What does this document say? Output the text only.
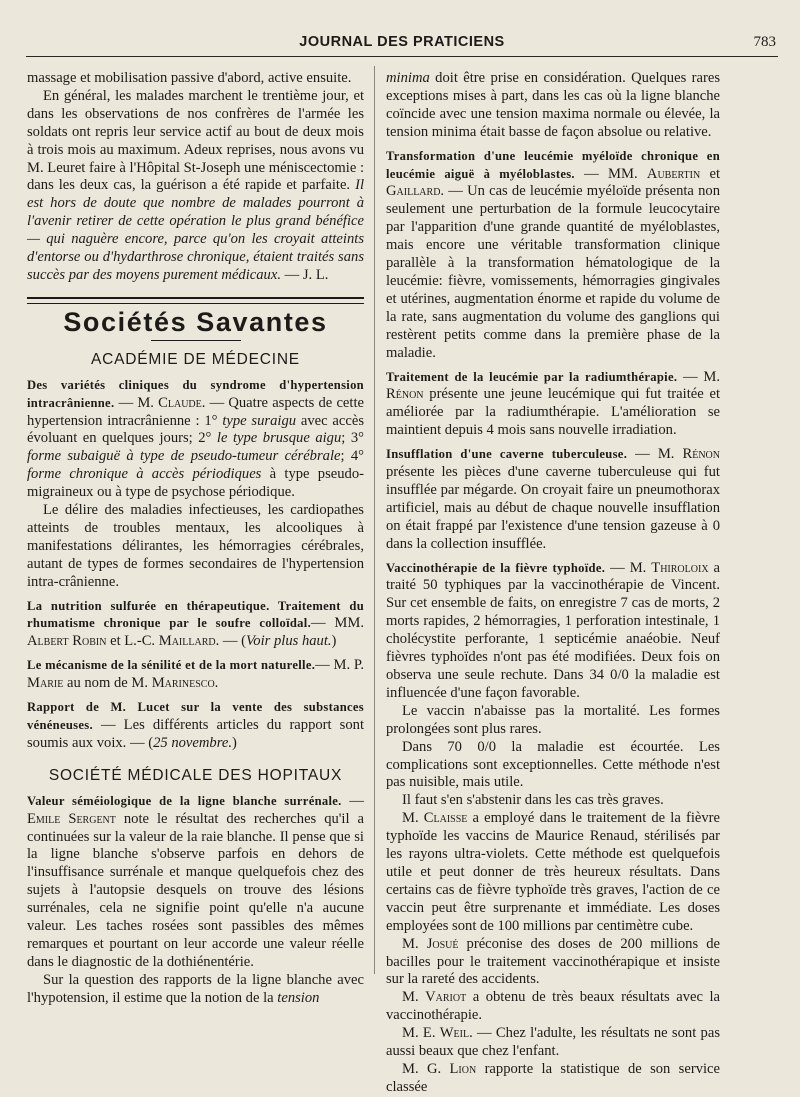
JOURNAL DES PRATICIENS	783

massage et mobilisation passive d'abord, active ensuite.

En général, les malades marchent le trentième jour, et dans les observations de nos confrères de l'armée les soldats ont repris leur service actif au bout de deux mois à trois mois au maximum. Adeux reprises, nous avons vu M. Leuret faire à l'Hôpital St-Joseph une méniscectomie : dans les deux cas, la guérison a été rapide et parfaite. Il est hors de doute que nombre de malades pourront à l'avenir retirer de cette opération le plus grand bénéfice — qui naguère encore, parce qu'on les croyait atteints d'entorse ou d'hydarthrose chronique, étaient traités sans succès par des moyens purement médicaux. — J. L.

Sociétés Savantes
ACADÉMIE DE MÉDECINE

Des variétés cliniques du syndrome d'hypertension intracrânienne. — M. Claude. — Quatre aspects de cette hypertension intracrânienne : 1° type suraigu avec accès évoluant en quelques jours; 2° le type brusque aigu; 3° forme subaiguë à type de pseudo-tumeur cérébrale; 4° forme chronique à accès périodiques à type pseudo-migraineux ou à type de psychose périodique.

Le délire des maladies infectieuses, les cardiopathes atteints de troubles mentaux, les alcooliques à manifestations délirantes, les hémorragies cérébrales, autant de types de formes secondaires de l'hypertension intra-crânienne.

La nutrition sulfurée en thérapeutique. Traitement du rhumatisme chronique par le soufre colloïdal.— MM. Albert Robin et L.-C. Maillard. — (Voir plus haut.)

Le mécanisme de la sénilité et de la mort naturelle.— M. P. Marie au nom de M. Marinesco.

Rapport de M. Lucet sur la vente des substances vénéneuses. — Les différents articles du rapport sont soumis aux voix. — (25 novembre.)

SOCIÉTÉ MÉDICALE DES HOPITAUX

Valeur séméiologique de la ligne blanche surrénale. — Emile Sergent note le résultat des recherches qu'il a continuées sur la valeur de la raie blanche. Il pense que si la ligne blanche s'observe parfois en dehors de l'insuffisance surrénale et manque quelquefois chez des sujets à l'autopsie desquels on trouve des lésions surrénales, cela ne signifie point qu'elle n'a aucune valeur. Les taches rosées sont passibles des mêmes remarques et pourtant on leur accorde une valeur réelle dans le diagnostic de la dothiénentérie.

Sur la question des rapports de la ligne blanche avec l'hypotension, il estime que la notion de la tension

minima doit être prise en considération. Quelques rares exceptions mises à part, dans les cas où la ligne blanche coïncide avec une tension maxima normale ou élevée, la tension minima était basse de façon absolue ou relative.

Transformation d'une leucémie myéloïde chronique en leucémie aiguë à myéloblastes. — MM. Aubertin et Gaillard. — Un cas de leucémie myéloïde présenta non seulement une perturbation de la formule leucocytaire par l'apparition d'une grande quantité de myéloblastes, mais encore une véritable transformation clinique parallèle à la transformation hématologique de la leucémie: fièvre, vomissements, hémorragies gingivales et utérines, augmentation énorme et rapide du volume de la rate, sans augmentation du volume des ganglions qui restèrent petits comme dans la première phase de la maladie.

Traitement de la leucémie par la radiumthérapie. — M. Rénon présente une jeune leucémique qui fut traitée et améliorée par la radiumthérapie. L'amélioration se maintient depuis 4 mois sans nouvelle irradiation.

Insufflation d'une caverne tuberculeuse. — M. Rénon présente les pièces d'une caverne tuberculeuse qui fut insufflée par mégarde. On croyait faire un pneumothorax artificiel, mais au début de chaque nouvelle insufflation on était frappé par l'existence d'une tension gazeuse à 0 dans la collection insufflée.

Vaccinothérapie de la fièvre typhoïde. — M. Thiroloix a traité 50 typhiques par la vaccinothérapie de Vincent. Sur cet ensemble de faits, on enregistre 7 cas de morts, 2 morts rapides, 2 hémorragies, 1 perforation intestinale, 1 cholécystite perforante, 1 septicémie anaéobie. Neuf fièvres typhoïdes n'ont pas été modifiées. Deux fois on observa une seule rechute. Dans 34 0/0 la maladie est influencée d'une façon favorable.

Le vaccin n'abaisse pas la mortalité. Les formes prolongées sont plus rares.

Dans 70 0/0 la maladie est écourtée. Les complications sont exceptionnelles. Cette méthode n'est pas nuisible, mais utile.

Il faut s'en s'abstenir dans les cas très graves.

M. Claisse a employé dans le traitement de la fièvre typhoïde les vaccins de Maurice Renaud, stérilisés par les rayons ultra-violets. Cette méthode est quelquefois utile et peut donner de très heureux résultats. Dans certains cas de fièvre typhoïde très graves, l'action de ce vaccin peut être surprenante et immédiate. Les doses employées sont de 100 millions par centimètre cube.

M. Josué préconise des doses de 200 millions de bacilles pour le traitement vaccinothérapique et insiste sur la rareté des accidents.

M. Variot a obtenu de très beaux résultats avec la vaccinothérapie.

M. E. Weil. — Chez l'adulte, les résultats ne sont pas aussi beaux que chez l'enfant.

M. G. Lion rapporte la statistique de son service classée
